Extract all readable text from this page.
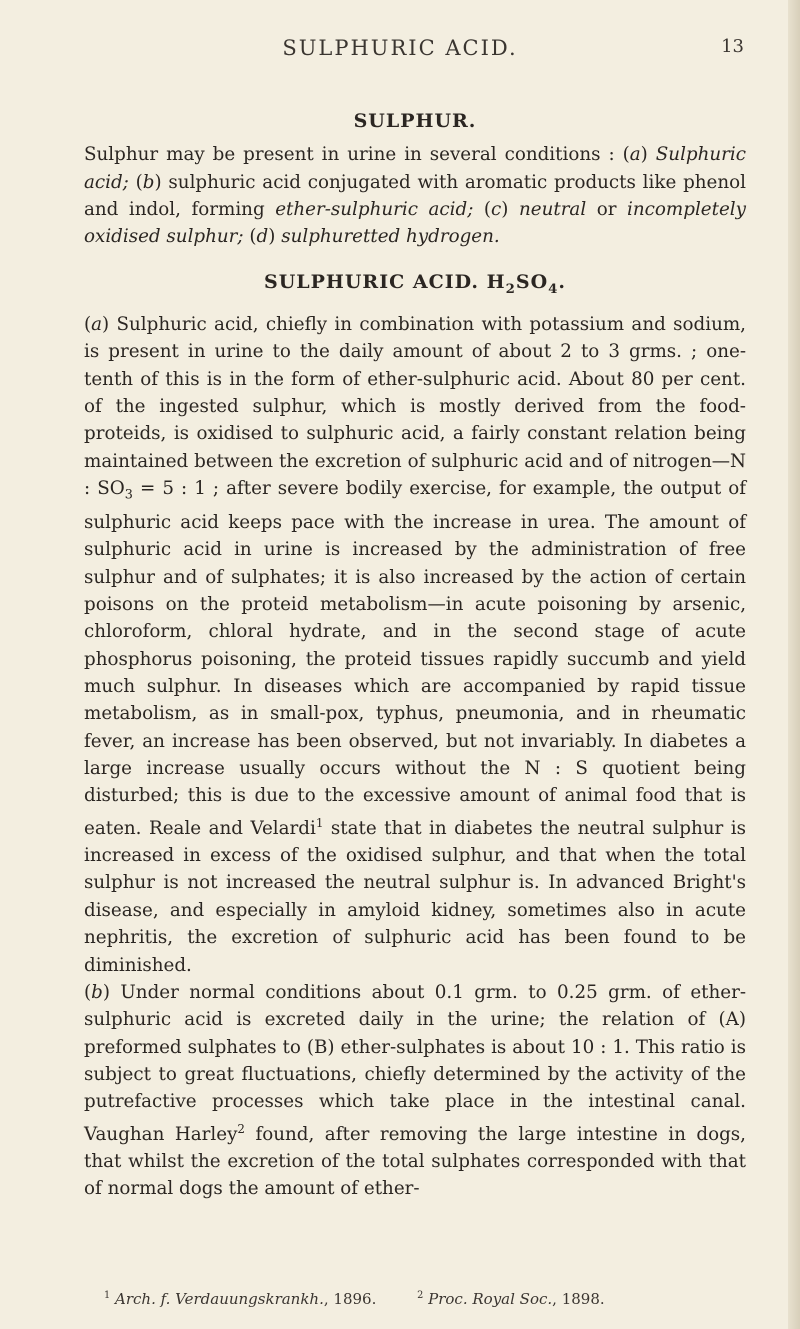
SULPHURIC ACID.	13
SULPHUR.

Sulphur may be present in urine in several conditions : (a) Sulphuric acid; (b) sulphuric acid conjugated with aromatic products like phenol and indol, forming ether-sulphuric acid; (c) neutral or incompletely oxidised sulphur; (d) sulphuretted hydrogen.

SULPHURIC ACID. $H_2SO_4$.

(a) Sulphuric acid, chiefly in combination with potassium and sodium, is present in urine to the daily amount of about 2 to 3 grms. ; one-tenth of this is in the form of ether-sulphuric acid. About 80 per cent. of the ingested sulphur, which is mostly derived from the food-proteids, is oxidised to sulphuric acid, a fairly constant relation being maintained between the excretion of sulphuric acid and of nitrogen—N : $SO_3 = 5$ : 1 ; after severe bodily exercise, for example, the output of sulphuric acid keeps pace with the increase in urea. The amount of sulphuric acid in urine is increased by the administration of free sulphur and of sulphates; it is also increased by the action of certain poisons on the proteid metabolism—in acute poisoning by arsenic, chloroform, chloral hydrate, and in the second stage of acute phosphorus poisoning, the proteid tissues rapidly succumb and yield much sulphur. In diseases which are accompanied by rapid tissue metabolism, as in small-pox, typhus, pneumonia, and in rheumatic fever, an increase has been observed, but not invariably. In diabetes a large increase usually occurs without the N : S quotient being disturbed; this is due to the excessive amount of animal food that is eaten. Reale and Velardi$^1$ state that in diabetes the neutral sulphur is increased in excess of the oxidised sulphur, and that when the total sulphur is not increased the neutral sulphur is. In advanced Bright's disease, and especially in amyloid kidney, sometimes also in acute nephritis, the excretion of sulphuric acid has been found to be diminished.

(b) Under normal conditions about 0.1 grm. to 0.25 grm. of ether-sulphuric acid is excreted daily in the urine; the relation of (A) preformed sulphates to (B) ether-sulphates is about 10 : 1. This ratio is subject to great fluctuations, chiefly determined by the activity of the putrefactive processes which take place in the intestinal canal. Vaughan Harley$^2$ found, after removing the large intestine in dogs, that whilst the excretion of the total sulphates corresponded with that of normal dogs the amount of ether-

$^1$ Arch. f. Verdauungskrankh., 1896.	$^2$ Proc. Royal Soc., 1898.
